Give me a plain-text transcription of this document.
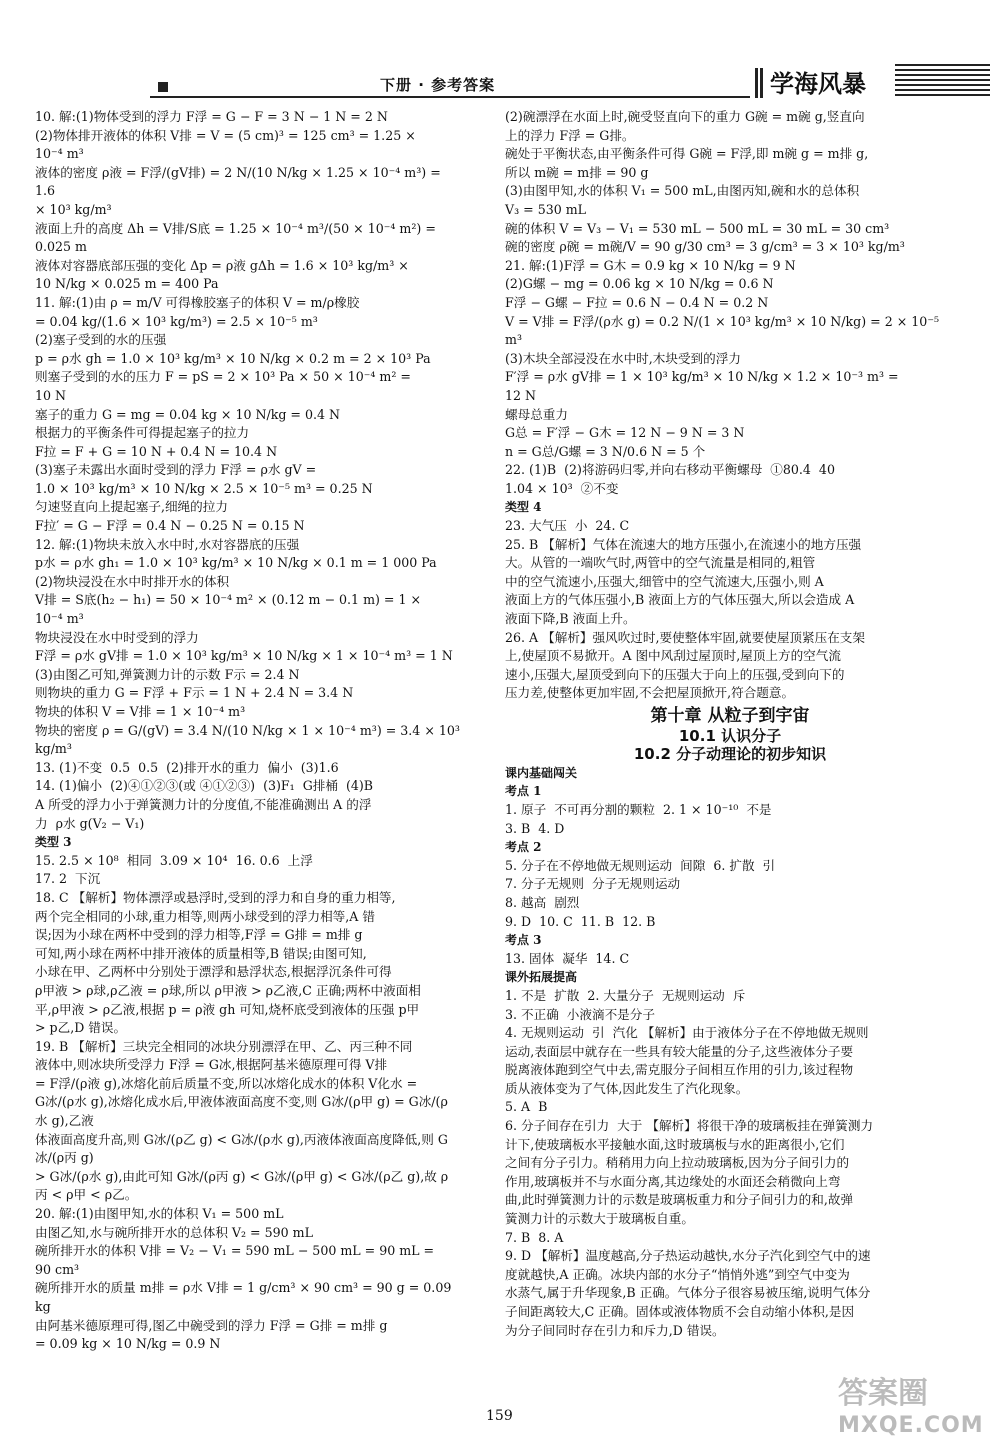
下册 · 参考答案	学海风暴
10. 解:(1)物体受到的浮力 F浮 = G − F = 3 N − 1 N = 2 N
(2)物体排开液体的体积 V排 = V = (5 cm)³ = 125 cm³ = 1.25 ×
10⁻⁴ m³
液体的密度 ρ液 = F浮/(gV排) = 2 N/(10 N/kg × 1.25 × 10⁻⁴ m³) = 1.6
× 10³ kg/m³
液面上升的高度 Δh = V排/S底 = 1.25 × 10⁻⁴ m³/(50 × 10⁻⁴ m²) = 0.025 m
液体对容器底部压强的变化 Δp = ρ液 gΔh = 1.6 × 10³ kg/m³ ×
10 N/kg × 0.025 m = 400 Pa
11. 解:(1)由 ρ = m/V 可得橡胶塞子的体积 V = m/ρ橡胶
= 0.04 kg/(1.6 × 10³ kg/m³) = 2.5 × 10⁻⁵ m³
(2)塞子受到的水的压强
p = ρ水 gh = 1.0 × 10³ kg/m³ × 10 N/kg × 0.2 m = 2 × 10³ Pa
则塞子受到的水的压力 F = pS = 2 × 10³ Pa × 50 × 10⁻⁴ m² =
10 N
塞子的重力 G = mg = 0.04 kg × 10 N/kg = 0.4 N
根据力的平衡条件可得提起塞子的拉力
F拉 = F + G = 10 N + 0.4 N = 10.4 N
(3)塞子未露出水面时受到的浮力 F浮 = ρ水 gV =
1.0 × 10³ kg/m³ × 10 N/kg × 2.5 × 10⁻⁵ m³ = 0.25 N
匀速竖直向上提起塞子,细绳的拉力
F拉′ = G − F浮 = 0.4 N − 0.25 N = 0.15 N
12. 解:(1)物块未放入水中时,水对容器底的压强
p水 = ρ水 gh₁ = 1.0 × 10³ kg/m³ × 10 N/kg × 0.1 m = 1 000 Pa
(2)物块浸没在水中时排开水的体积
V排 = S底(h₂ − h₁) = 50 × 10⁻⁴ m² × (0.12 m − 0.1 m) = 1 ×
10⁻⁴ m³
物块浸没在水中时受到的浮力
F浮 = ρ水 gV排 = 1.0 × 10³ kg/m³ × 10 N/kg × 1 × 10⁻⁴ m³ = 1 N
(3)由图乙可知,弹簧测力计的示数 F示 = 2.4 N
则物块的重力 G = F浮 + F示 = 1 N + 2.4 N = 3.4 N
物块的体积 V = V排 = 1 × 10⁻⁴ m³
物块的密度 ρ = G/(gV) = 3.4 N/(10 N/kg × 1 × 10⁻⁴ m³) = 3.4 × 10³ kg/m³
13. (1)不变  0.5  0.5  (2)排开水的重力  偏小  (3)1.6
14. (1)偏小  (2)④①②③(或 ④①②③)  (3)F₁  G排桶  (4)B
A 所受的浮力小于弹簧测力计的分度值,不能准确测出 A 的浮
力  ρ水 g(V₂ − V₁)
类型 3
15. 2.5 × 10⁸  相同  3.09 × 10⁴  16. 0.6  上浮
17. 2  下沉
18. C 【解析】物体漂浮或悬浮时,受到的浮力和自身的重力相等,
两个完全相同的小球,重力相等,则两小球受到的浮力相等,A 错
误;因为小球在两杯中受到的浮力相等,F浮 = G排 = m排 g
可知,两小球在两杯中排开液体的质量相等,B 错误;由图可知,
小球在甲、乙两杯中分别处于漂浮和悬浮状态,根据浮沉条件可得
ρ甲液 > ρ球,ρ乙液 = ρ球,所以 ρ甲液 > ρ乙液,C 正确;两杯中液面相
平,ρ甲液 > ρ乙液,根据 p = ρ液 gh 可知,烧杯底受到液体的压强 p甲
> p乙,D 错误。
19. B 【解析】三块完全相同的冰块分别漂浮在甲、乙、丙三种不同
液体中,则冰块所受浮力 F浮 = G冰,根据阿基米德原理可得 V排
= F浮/(ρ液 g),冰熔化前后质量不变,所以冰熔化成水的体积 V化水 =
G冰/(ρ水 g),冰熔化成水后,甲液体液面高度不变,则 G冰/(ρ甲 g) = G冰/(ρ水 g),乙液
体液面高度升高,则 G冰/(ρ乙 g) < G冰/(ρ水 g),丙液体液面高度降低,则 G冰/(ρ丙 g)
> G冰/(ρ水 g),由此可知 G冰/(ρ丙 g) < G冰/(ρ甲 g) < G冰/(ρ乙 g),故 ρ丙 < ρ甲 < ρ乙。
20. 解:(1)由图甲知,水的体积 V₁ = 500 mL
由图乙知,水与碗所排开水的总体积 V₂ = 590 mL
碗所排开水的体积 V排 = V₂ − V₁ = 590 mL − 500 mL = 90 mL =
90 cm³
碗所排开水的质量 m排 = ρ水 V排 = 1 g/cm³ × 90 cm³ = 90 g = 0.09 kg
由阿基米德原理可得,图乙中碗受到的浮力 F浮 = G排 = m排 g
= 0.09 kg × 10 N/kg = 0.9 N
(2)碗漂浮在水面上时,碗受竖直向下的重力 G碗 = m碗 g,竖直向
上的浮力 F浮 = G排。
碗处于平衡状态,由平衡条件可得 G碗 = F浮,即 m碗 g = m排 g,
所以 m碗 = m排 = 90 g
(3)由图甲知,水的体积 V₁ = 500 mL,由图丙知,碗和水的总体积
V₃ = 530 mL
碗的体积 V = V₃ − V₁ = 530 mL − 500 mL = 30 mL = 30 cm³
碗的密度 ρ碗 = m碗/V = 90 g/30 cm³ = 3 g/cm³ = 3 × 10³ kg/m³
21. 解:(1)F浮 = G木 = 0.9 kg × 10 N/kg = 9 N
(2)G螺 − mg = 0.06 kg × 10 N/kg = 0.6 N
F浮 − G螺 − F拉 = 0.6 N − 0.4 N = 0.2 N
V = V排 = F浮/(ρ水 g) = 0.2 N/(1 × 10³ kg/m³ × 10 N/kg) = 2 × 10⁻⁵ m³
(3)木块全部浸没在水中时,木块受到的浮力
F′浮 = ρ水 gV排 = 1 × 10³ kg/m³ × 10 N/kg × 1.2 × 10⁻³ m³ =
12 N
螺母总重力
G总 = F′浮 − G木 = 12 N − 9 N = 3 N
n = G总/G螺 = 3 N/0.6 N = 5 个
22. (1)B  (2)将游码归零,并向右移动平衡螺母  ①80.4  40
1.04 × 10³  ②不变
类型 4
23. 大气压  小  24. C
25. B 【解析】气体在流速大的地方压强小,在流速小的地方压强
大。从管的一端吹气时,两管中的空气流量是相同的,粗管
中的空气流速小,压强大,细管中的空气流速大,压强小,则 A
液面上方的气体压强小,B 液面上方的气体压强大,所以会造成 A
液面下降,B 液面上升。
26. A 【解析】强风吹过时,要使整体牢固,就要使屋顶紧压在支架
上,使屋顶不易掀开。A 图中风刮过屋顶时,屋顶上方的空气流
速小,压强大,屋顶受到向下的压强大于向上的压强,受到向下的
压力差,使整体更加牢固,不会把屋顶掀开,符合题意。
第十章 从粒子到宇宙
10.1 认识分子
10.2 分子动理论的初步知识
课内基础闯关
考点 1
1. 原子  不可再分割的颗粒  2. 1 × 10⁻¹⁰  不是
3. B  4. D
考点 2
5. 分子在不停地做无规则运动  间隙  6. 扩散  引
7. 分子无规则  分子无规则运动
8. 越高  剧烈
9. D  10. C  11. B  12. B
考点 3
13. 固体  凝华  14. C
课外拓展提高
1. 不是  扩散  2. 大量分子  无规则运动  斥
3. 不正确  小液滴不是分子
4. 无规则运动  引  汽化 【解析】由于液体分子在不停地做无规则
运动,表面层中就存在一些具有较大能量的分子,这些液体分子要
脱离液体跑到空气中去,需克服分子间相互作用的引力,该过程物
质从液体变为了气体,因此发生了汽化现象。
5. A  B
6. 分子间存在引力  大于 【解析】将很干净的玻璃板挂在弹簧测力
计下,使玻璃板水平接触水面,这时玻璃板与水的距离很小,它们
之间有分子引力。稍稍用力向上拉动玻璃板,因为分子间引力的
作用,玻璃板并不与水面分离,其边缘处的水面还会稍微向上弯
曲,此时弹簧测力计的示数是玻璃板重力和分子间引力的和,故弹
簧测力计的示数大于玻璃板自重。
7. B  8. A
9. D 【解析】温度越高,分子热运动越快,水分子汽化到空气中的速
度就越快,A 正确。冰块内部的水分子“悄悄外逃”到空气中变为
水蒸气,属于升华现象,B 正确。气体分子很容易被压缩,说明气体分
子间距离较大,C 正确。固体或液体物质不会自动缩小体积,是因
为分子间同时存在引力和斥力,D 错误。
159
答案圈
MXQE.COM
